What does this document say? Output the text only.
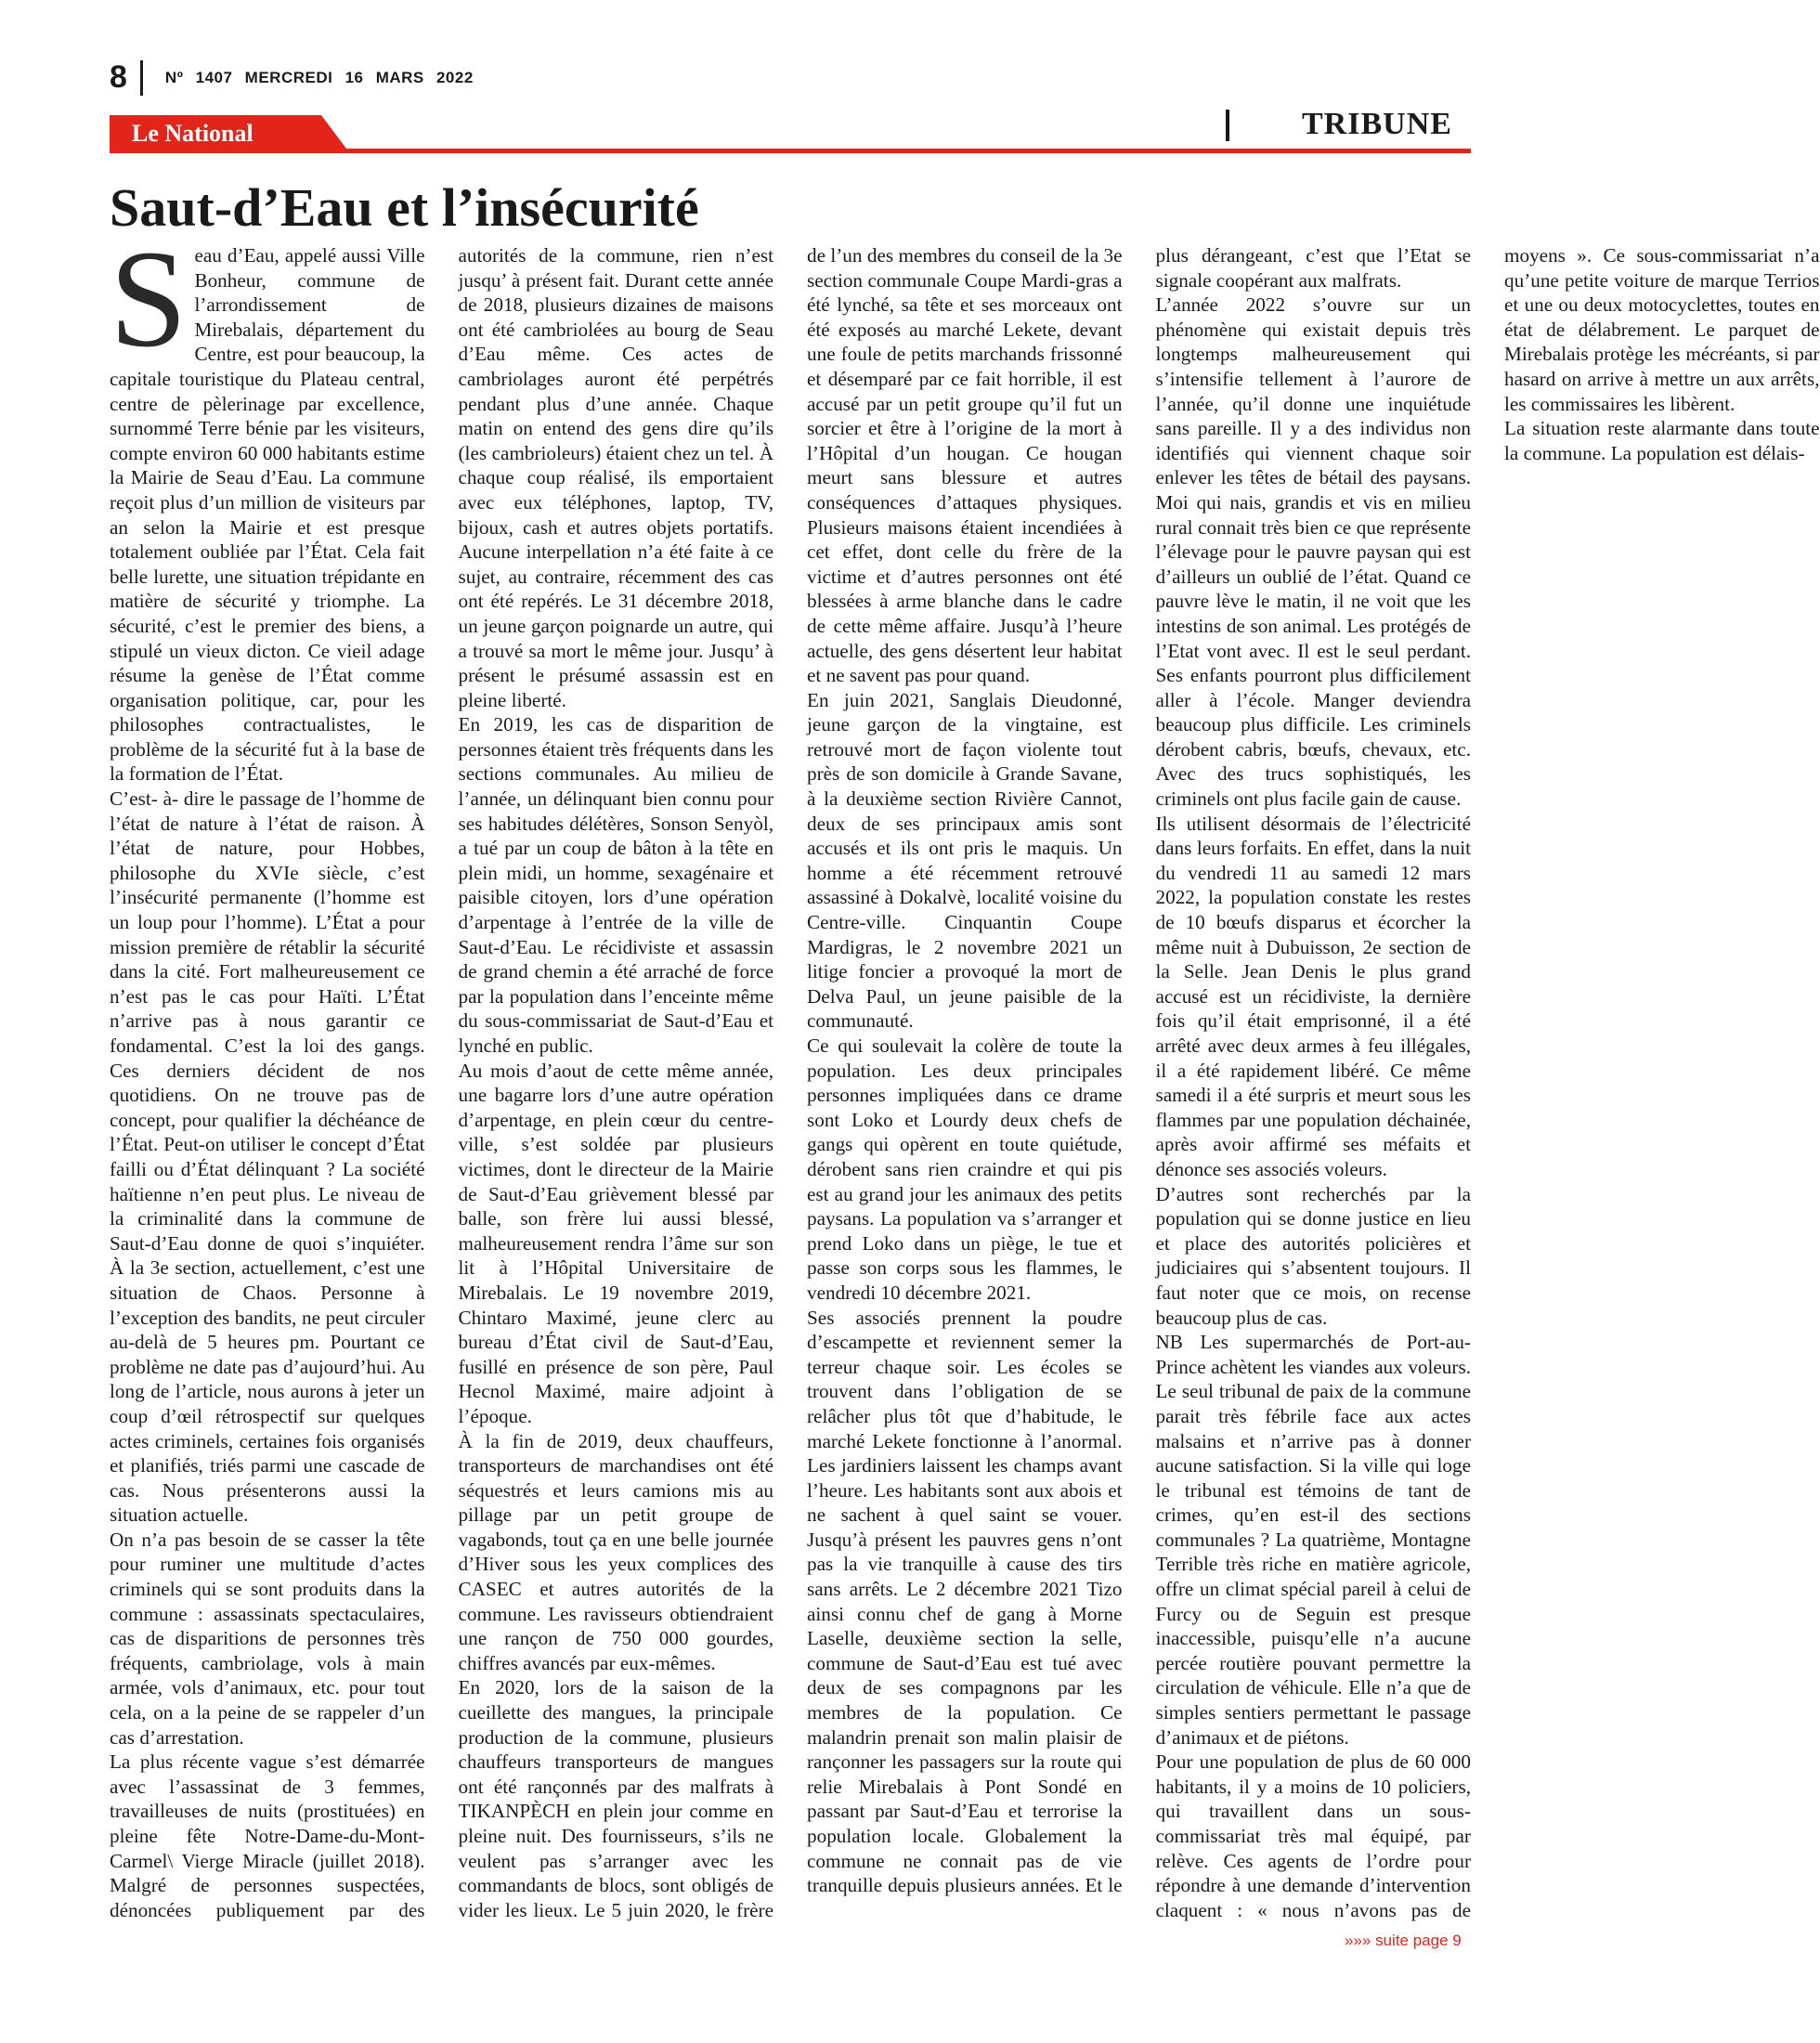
8 Nº 1407 MERCREDI 16 MARS 2022
Le National	TRIBUNE
Saut-d’Eau et l’insécurité

Seau d’Eau, appelé aussi Ville Bonheur, commune de l’arrondissement de Mirebalais, département du Centre, est pour beaucoup, la capitale touristique du Plateau central, centre de pèlerinage par excellence, surnommé Terre bénie par les visiteurs, compte environ 60 000 habitants estime la Mairie de Seau d’Eau. La commune reçoit plus d’un million de visiteurs par an selon la Mairie et est presque totalement oubliée par l’État. Cela fait belle lurette, une situation trépidante en matière de sécurité y triomphe. La sécurité, c’est le premier des biens, a stipulé un vieux dicton. Ce vieil adage résume la genèse de l’État comme organisation politique, car, pour les philosophes contractualistes, le problème de la sécurité fut à la base de la formation de l’État.

C’est- à- dire le passage de l’homme de l’état de nature à l’état de raison. À l’état de nature, pour Hobbes, philosophe du XVIe siècle, c’est l’insécurité permanente (l’homme est un loup pour l’homme). L’État a pour mission première de rétablir la sécurité dans la cité. Fort malheureusement ce n’est pas le cas pour Haïti. L’État n’arrive pas à nous garantir ce fondamental. C’est la loi des gangs. Ces derniers décident de nos quotidiens. On ne trouve pas de concept, pour qualifier la déchéance de l’État. Peut-on utiliser le concept d’État failli ou d’État délinquant ? La société haïtienne n’en peut plus. Le niveau de la criminalité dans la commune de Saut-d’Eau donne de quoi s’inquiéter. À la 3e section, actuellement, c’est une situation de Chaos. Personne à l’exception des bandits, ne peut circuler au-delà de 5 heures pm. Pourtant ce problème ne date pas d’aujourd’hui. Au long de l’article, nous aurons à jeter un coup d’œil rétrospectif sur quelques actes criminels, certaines fois organisés et planifiés, triés parmi une cascade de cas. Nous présenterons aussi la situation actuelle.

On n’a pas besoin de se casser la tête pour ruminer une multitude d’actes criminels qui se sont produits dans la commune : assassinats spectaculaires, cas de disparitions de personnes très fréquents, cambriolage, vols à main armée, vols d’animaux, etc. pour tout cela, on a la peine de se rappeler d’un cas d’arrestation.

La plus récente vague s’est démarrée avec l’assassinat de 3 femmes, travailleuses de nuits (prostituées) en pleine fête Notre-Dame-du-Mont-Carmel\ Vierge Miracle (juillet 2018). Malgré de personnes suspectées, dénoncées publiquement par des autorités de la commune, rien n’est jusqu’ à présent fait. Durant cette année de 2018, plusieurs dizaines de maisons ont été cambriolées au bourg de Seau d’Eau même. Ces actes de cambriolages auront été perpétrés pendant plus d’une année. Chaque matin on entend des gens dire qu’ils (les cambrioleurs) étaient chez un tel. À chaque coup réalisé, ils emportaient avec eux téléphones, laptop, TV, bijoux, cash et autres objets portatifs. Aucune interpellation n’a été faite à ce sujet, au contraire, récemment des cas ont été repérés. Le 31 décembre 2018, un jeune garçon poignarde un autre, qui a trouvé sa mort le même jour. Jusqu’ à présent le présumé assassin est en pleine liberté.

En 2019, les cas de disparition de personnes étaient très fréquents dans les sections communales. Au milieu de l’année, un délinquant bien connu pour ses habitudes délétères, Sonson Senyòl, a tué par un coup de bâton à la tête en plein midi, un homme, sexagénaire et paisible citoyen, lors d’une opération d’arpentage à l’entrée de la ville de Saut-d’Eau. Le récidiviste et assassin de grand chemin a été arraché de force par la population dans l’enceinte même du sous-commissariat de Saut-d’Eau et lynché en public.

Au mois d’aout de cette même année, une bagarre lors d’une autre opération d’arpentage, en plein cœur du centre-ville, s’est soldée par plusieurs victimes, dont le directeur de la Mairie de Saut-d’Eau grièvement blessé par balle, son frère lui aussi blessé, malheureusement rendra l’âme sur son lit à l’Hôpital Universitaire de Mirebalais. Le 19 novembre 2019, Chintaro Maximé, jeune clerc au bureau d’État civil de Saut-d’Eau, fusillé en présence de son père, Paul Hecnol Maximé, maire adjoint à l’époque.

À la fin de 2019, deux chauffeurs, transporteurs de marchandises ont été séquestrés et leurs camions mis au pillage par un petit groupe de vagabonds, tout ça en une belle journée d’Hiver sous les yeux complices des CASEC et autres autorités de la commune. Les ravisseurs obtiendraient une rançon de 750 000 gourdes, chiffres avancés par eux-mêmes.

En 2020, lors de la saison de la cueillette des mangues, la principale production de la commune, plusieurs chauffeurs transporteurs de mangues ont été rançonnés par des malfrats à TIKANPÈCH en plein jour comme en pleine nuit. Des fournisseurs, s’ils ne veulent pas s’arranger avec les commandants de blocs, sont obligés de vider les lieux. Le 5 juin 2020, le frère de l’un des membres du conseil de la 3e section communale Coupe Mardi-gras a été lynché, sa tête et ses morceaux ont été exposés au marché Lekete, devant une foule de petits marchands frissonné et désemparé par ce fait horrible, il est accusé par un petit groupe qu’il fut un sorcier et être à l’origine de la mort à l’Hôpital d’un hougan. Ce hougan meurt sans blessure et autres conséquences d’attaques physiques. Plusieurs maisons étaient incendiées à cet effet, dont celle du frère de la victime et d’autres personnes ont été blessées à arme blanche dans le cadre de cette même affaire. Jusqu’à l’heure actuelle, des gens désertent leur habitat et ne savent pas pour quand.

En juin 2021, Sanglais Dieudonné, jeune garçon de la vingtaine, est retrouvé mort de façon violente tout près de son domicile à Grande Savane, à la deuxième section Rivière Cannot, deux de ses principaux amis sont accusés et ils ont pris le maquis. Un homme a été récemment retrouvé assassiné à Dokalvè, localité voisine du Centre-ville. Cinquantin Coupe Mardigras, le 2 novembre 2021 un litige foncier a provoqué la mort de Delva Paul, un jeune paisible de la communauté.

Ce qui soulevait la colère de toute la population. Les deux principales personnes impliquées dans ce drame sont Loko et Lourdy deux chefs de gangs qui opèrent en toute quiétude, dérobent sans rien craindre et qui pis est au grand jour les animaux des petits paysans. La population va s’arranger et prend Loko dans un piège, le tue et passe son corps sous les flammes, le vendredi 10 décembre 2021.

Ses associés prennent la poudre d’escampette et reviennent semer la terreur chaque soir. Les écoles se trouvent dans l’obligation de se relâcher plus tôt que d’habitude, le marché Lekete fonctionne à l’anormal. Les jardiniers laissent les champs avant l’heure. Les habitants sont aux abois et ne sachent à quel saint se vouer. Jusqu’à présent les pauvres gens n’ont pas la vie tranquille à cause des tirs sans arrêts. Le 2 décembre 2021 Tizo ainsi connu chef de gang à Morne Laselle, deuxième section la selle, commune de Saut-d’Eau est tué avec deux de ses compagnons par les membres de la population. Ce malandrin prenait son malin plaisir de rançonner les passagers sur la route qui relie Mirebalais à Pont Sondé en passant par Saut-d’Eau et terrorise la population locale. Globalement la commune ne connait pas de vie tranquille depuis plusieurs années. Et le plus dérangeant, c’est que l’Etat se signale coopérant aux malfrats.

L’année 2022 s’ouvre sur un phénomène qui existait depuis très longtemps malheureusement qui s’intensifie tellement à l’aurore de l’année, qu’il donne une inquiétude sans pareille. Il y a des individus non identifiés qui viennent chaque soir enlever les têtes de bétail des paysans. Moi qui nais, grandis et vis en milieu rural connait très bien ce que représente l’élevage pour le pauvre paysan qui est d’ailleurs un oublié de l’état. Quand ce pauvre lève le matin, il ne voit que les intestins de son animal. Les protégés de l’Etat vont avec. Il est le seul perdant. Ses enfants pourront plus difficilement aller à l’école. Manger deviendra beaucoup plus difficile. Les criminels dérobent cabris, bœufs, chevaux, etc. Avec des trucs sophistiqués, les criminels ont plus facile gain de cause.

Ils utilisent désormais de l’électricité dans leurs forfaits. En effet, dans la nuit du vendredi 11 au samedi 12 mars 2022, la population constate les restes de 10 bœufs disparus et écorcher la même nuit à Dubuisson, 2e section de la Selle. Jean Denis le plus grand accusé est un récidiviste, la dernière fois qu’il était emprisonné, il a été arrêté avec deux armes à feu illégales, il a été rapidement libéré. Ce même samedi il a été surpris et meurt sous les flammes par une population déchainée, après avoir affirmé ses méfaits et dénonce ses associés voleurs.

D’autres sont recherchés par la population qui se donne justice en lieu et place des autorités policières et judiciaires qui s’absentent toujours. Il faut noter que ce mois, on recense beaucoup plus de cas.

NB Les supermarchés de Port-au-Prince achètent les viandes aux voleurs. Le seul tribunal de paix de la commune parait très fébrile face aux actes malsains et n’arrive pas à donner aucune satisfaction. Si la ville qui loge le tribunal est témoins de tant de crimes, qu’en est-il des sections communales ? La quatrième, Montagne Terrible très riche en matière agricole, offre un climat spécial pareil à celui de Furcy ou de Seguin est presque inaccessible, puisqu’elle n’a aucune percée routière pouvant permettre la circulation de véhicule. Elle n’a que de simples sentiers permettant le passage d’animaux et de piétons.

Pour une population de plus de 60 000 habitants, il y a moins de 10 policiers, qui travaillent dans un sous-commissariat très mal équipé, par relève. Ces agents de l’ordre pour répondre à une demande d’intervention claquent : « nous n’avons pas de moyens ». Ce sous-commissariat n’a qu’une petite voiture de marque Terrios et une ou deux motocyclettes, toutes en état de délabrement. Le parquet de Mirebalais protège les mécréants, si par hasard on arrive à mettre un aux arrêts, les commissaires les libèrent.

La situation reste alarmante dans toute la commune. La population est délais-

»»» suite page 9
